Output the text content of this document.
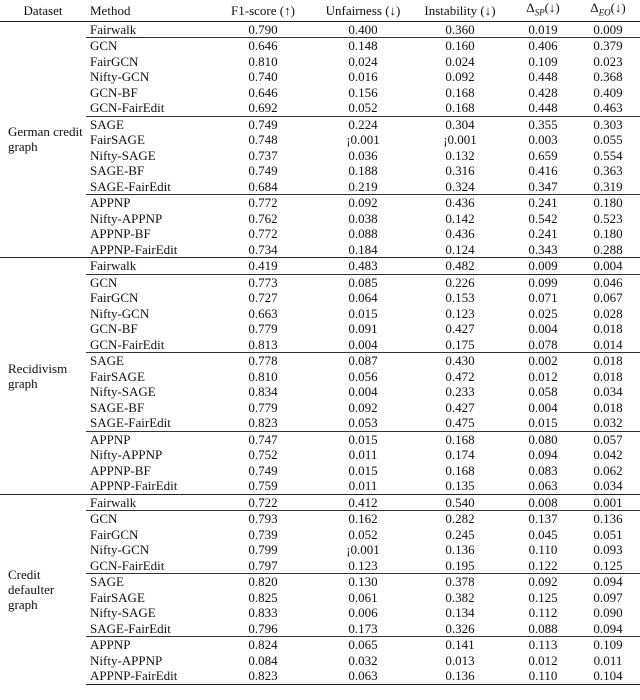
Dataset	Method	F1-score (↑)	Unfairness (↓)	Instability (↓)	$\Delta_{SP}(↓)$	$\Delta_{EO}(↓)$
German credit graph	Fairwalk	0.790	0.400	0.360	0.019	0.009
	GCN	0.646	0.148	0.160	0.406	0.379
	FairGCN	0.810	0.024	0.024	0.109	0.023
	Nifty-GCN	0.740	0.016	0.092	0.448	0.368
	GCN-BF	0.646	0.156	0.168	0.428	0.409
	GCN-FairEdit	0.692	0.052	0.168	0.448	0.463
	SAGE	0.749	0.224	0.304	0.355	0.303
	FairSAGE	0.748	¡0.001	¡0.001	0.003	0.055
	Nifty-SAGE	0.737	0.036	0.132	0.659	0.554
	SAGE-BF	0.749	0.188	0.316	0.416	0.363
	SAGE-FairEdit	0.684	0.219	0.324	0.347	0.319
	APPNP	0.772	0.092	0.436	0.241	0.180
	Nifty-APPNP	0.762	0.038	0.142	0.542	0.523
	APPNP-BF	0.772	0.088	0.436	0.241	0.180
	APPNP-FairEdit	0.734	0.184	0.124	0.343	0.288
Recidivism graph	Fairwalk	0.419	0.483	0.482	0.009	0.004
	GCN	0.773	0.085	0.226	0.099	0.046
	FairGCN	0.727	0.064	0.153	0.071	0.067
	Nifty-GCN	0.663	0.015	0.123	0.025	0.028
	GCN-BF	0.779	0.091	0.427	0.004	0.018
	GCN-FairEdit	0.813	0.004	0.175	0.078	0.014
	SAGE	0.778	0.087	0.430	0.002	0.018
	FairSAGE	0.810	0.056	0.472	0.012	0.018
	Nifty-SAGE	0.834	0.004	0.233	0.058	0.034
	SAGE-BF	0.779	0.092	0.427	0.004	0.018
	SAGE-FairEdit	0.823	0.053	0.475	0.015	0.032
	APPNP	0.747	0.015	0.168	0.080	0.057
	Nifty-APPNP	0.752	0.011	0.174	0.094	0.042
	APPNP-BF	0.749	0.015	0.168	0.083	0.062
	APPNP-FairEdit	0.759	0.011	0.135	0.063	0.034
Credit defaulter graph	Fairwalk	0.722	0.412	0.540	0.008	0.001
	GCN	0.793	0.162	0.282	0.137	0.136
	FairGCN	0.739	0.052	0.245	0.045	0.051
	Nifty-GCN	0.799	¡0.001	0.136	0.110	0.093
	GCN-FairEdit	0.797	0.123	0.195	0.122	0.125
	SAGE	0.820	0.130	0.378	0.092	0.094
	FairSAGE	0.825	0.061	0.382	0.125	0.097
	Nifty-SAGE	0.833	0.006	0.134	0.112	0.090
	SAGE-FairEdit	0.796	0.173	0.326	0.088	0.094
	APPNP	0.824	0.065	0.141	0.113	0.109
	Nifty-APPNP	0.084	0.032	0.013	0.012	0.011
	APPNP-FairEdit	0.823	0.063	0.136	0.110	0.104
